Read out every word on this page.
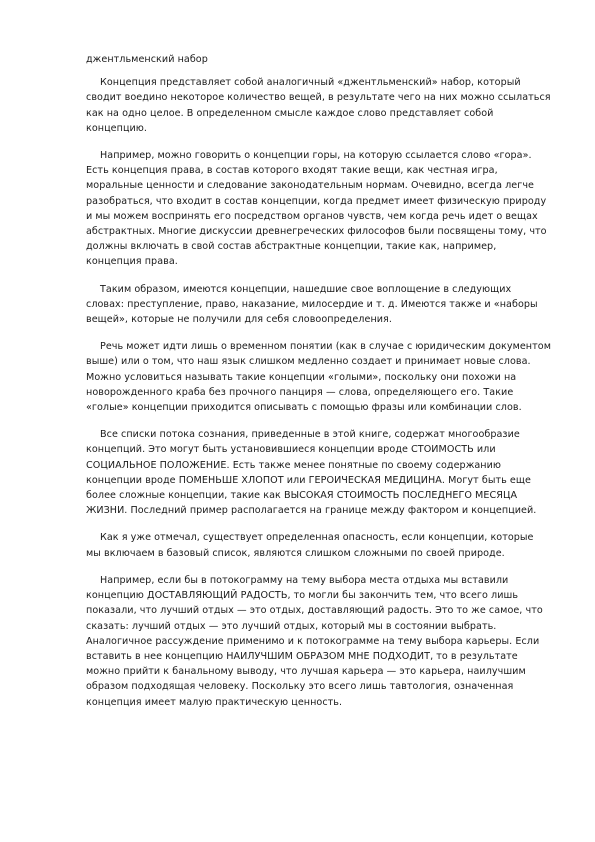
джентльменский набор

Концепция представляет собой аналогичный «джентльменский» набор, который сводит воедино некоторое количество вещей, в результате чего на них можно ссылаться как на одно целое. В определенном смысле каждое слово представляет собой концепцию.

Например, можно говорить о концепции горы, на которую ссылается слово «гора». Есть концепция права, в состав которого входят такие вещи, как честная игра, моральные ценности и следование законодательным нормам. Очевидно, всегда легче разобраться, что входит в состав концепции, когда предмет имеет физическую природу и мы можем воспринять его посредством органов чувств, чем когда речь идет о вещах абстрактных. Многие дискуссии древнегреческих философов были посвящены тому, что должны включать в свой состав абстрактные концепции, такие как, например, концепция права.

Таким образом, имеются концепции, нашедшие свое воплощение в следующих словах: преступление, право, наказание, милосердие и т. д. Имеются также и «наборы вещей», которые не получили для себя словоопределения.

Речь может идти лишь о временном понятии (как в случае с юридическим документом выше) или о том, что наш язык слишком медленно создает и принимает новые слова. Можно условиться называть такие концепции «голыми», поскольку они похожи на новорожденного краба без прочного панциря — слова, определяющего его. Такие «голые» концепции приходится описывать с помощью фразы или комбинации слов.

Все списки потока сознания, приведенные в этой книге, содержат многообразие концепций. Это могут быть установившиеся концепции вроде СТОИМОСТЬ или СОЦИАЛЬНОЕ ПОЛОЖЕНИЕ. Есть также менее понятные по своему содержанию концепции вроде ПОМЕНЬШЕ ХЛОПОТ или ГЕРОИЧЕСКАЯ МЕДИЦИНА. Могут быть еще более сложные концепции, такие как ВЫСОКАЯ СТОИМОСТЬ ПОСЛЕДНЕГО МЕСЯЦА ЖИЗНИ. Последний пример располагается на границе между фактором и концепцией.

Как я уже отмечал, существует определенная опасность, если концепции, которые мы включаем в базовый список, являются слишком сложными по своей природе.

Например, если бы в потокограмму на тему выбора места отдыха мы вставили концепцию ДОСТАВЛЯЮЩИЙ РАДОСТЬ, то могли бы закончить тем, что всего лишь показали, что лучший отдых — это отдых, доставляющий радость. Это то же самое, что сказать: лучший отдых — это лучший отдых, который мы в состоянии выбрать. Аналогичное рассуждение применимо и к потокограмме на тему выбора карьеры. Если вставить в нее концепцию НАИЛУЧШИМ ОБРАЗОМ МНЕ ПОДХОДИТ, то в результате можно прийти к банальному выводу, что лучшая карьера — это карьера, наилучшим образом подходящая человеку. Поскольку это всего лишь тавтология, означенная концепция имеет малую практическую ценность.
